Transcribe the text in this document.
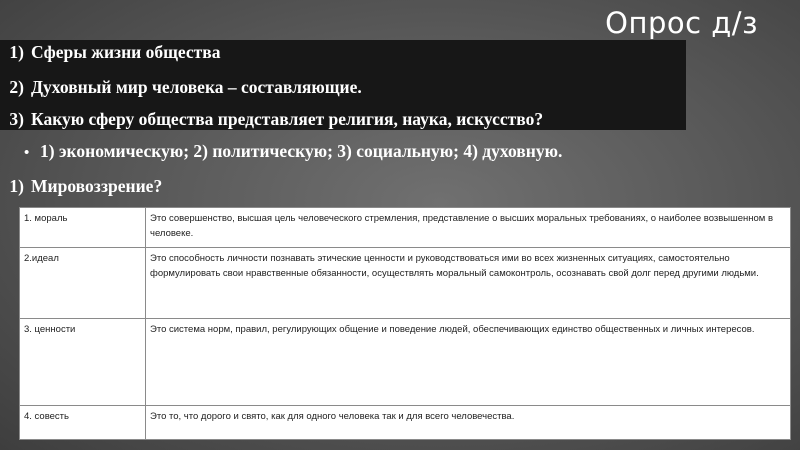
Опрос д/з
1) Сферы жизни общества
2) Духовный мир человека – составляющие.
3) Какую сферу общества представляет религия, наука, искусство?
• 1) экономическую; 2) политическую; 3) социальную; 4) духовную.
1) Мировоззрение?
1. мораль	Это совершенство, высшая цель человеческого стремления, представление о высших моральных требованиях, о наиболее возвышенном в человеке.
2.идеал	Это способность личности познавать этические ценности и руководствоваться ими во всех жизненных ситуациях, самостоятельно формулировать свои нравственные обязанности, осуществлять моральный самоконтроль, осознавать свой долг перед другими людьми.
3. ценности	Это система норм, правил, регулирующих общение и поведение людей, обеспечивающих единство общественных и личных интересов.
4. совесть	Это то, что дорого и свято, как для одного человека так и для всего человечества.
